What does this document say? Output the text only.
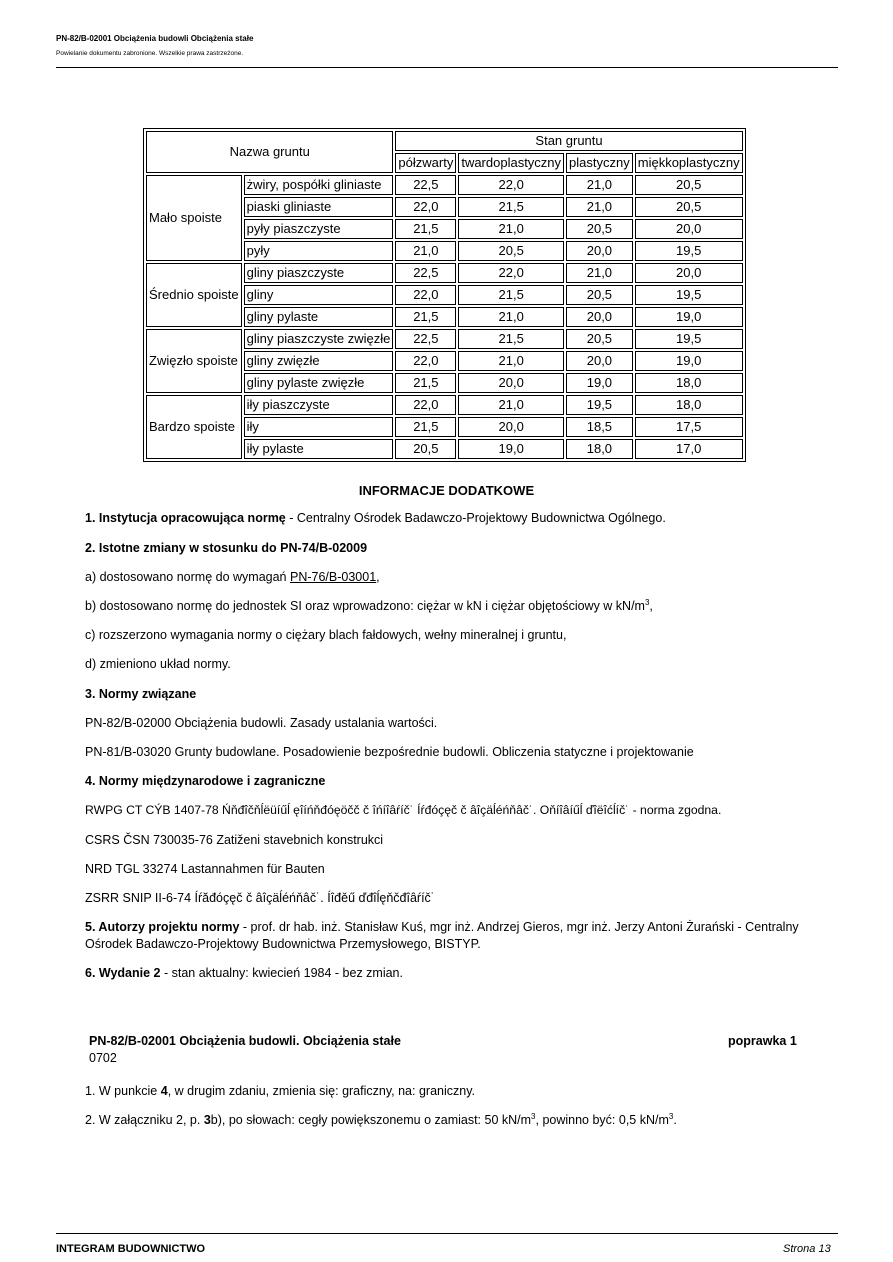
PN-82/B-02001 Obciążenia budowli Obciążenia stałe
Powielanie dokumentu zabronione. Wszelkie prawa zastrzeżone.
Nazwa gruntu		Stan gruntu			
		półzwarty	twardoplastyczny	plastyczny	miękkoplastyczny
Mało spoiste	żwiry, pospółki gliniaste	22,5	22,0	21,0	20,5
	piaski gliniaste	22,0	21,5	21,0	20,5
	pyły piaszczyste	21,5	21,0	20,5	20,0
	pyły	21,0	20,5	20,0	19,5
Średnio spoiste	gliny piaszczyste	22,5	22,0	21,0	20,0
	gliny	22,0	21,5	20,5	19,5
	gliny pylaste	21,5	21,0	20,0	19,0
Zwięzło spoiste	gliny piaszczyste zwięzłe	22,5	21,5	20,5	19,5
	gliny zwięzłe	22,0	21,0	20,0	19,0
	gliny pylaste zwięzłe	21,5	20,0	19,0	18,0
Bardzo spoiste	iły piaszczyste	22,0	21,0	19,5	18,0
	iły	21,5	20,0	18,5	17,5
	iły pylaste	20,5	19,0	18,0	17,0
INFORMACJE DODATKOWE
1. Instytucja opracowująca normę - Centralny Ośrodek Badawczo-Projektowy Budownictwa Ogólnego.
2. Istotne zmiany w stosunku do PN-74/B-02009
a) dostosowano normę do wymagań PN-76/B-03001,
b) dostosowano normę do jednostek SI oraz wprowadzono: ciężar w kN i ciężar objętościowy w $kN/m^3$,
c) rozszerzono wymagania normy o ciężary blach fałdowych, wełny mineralnej i gruntu,
d) zmieniono układ normy.
3. Normy związane
PN-82/B-02000 Obciążenia budowli. Zasady ustalania wartości.
PN-81/B-03020 Grunty budowlane. Posadowienie bezpośrednie budowli. Obliczenia statyczne i projektowanie
4. Normy międzynarodowe i zagraniczne
RWPG CT CÝB 1407-78 Ńňđîčňĺëüíűĺ ęîíńňđóęöčč č îńíîâŕíč˙ Íŕđóçęč č âîçäĺéńňâč˙. Oňíîâíűĺ ďîëîćĺíč˙ - norma zgodna.
CSRS ČSN 730035-76 Zatiženi stavebnich konstrukci
NRD TGL 33274 Lastannahmen für Bauten
ZSRR SNIP II-6-74 Íŕăđóçęč č âîçäĺéńňâč˙. Íîđěű ďđîĺęňčđîâŕíč˙
5. Autorzy projektu normy - prof. dr hab. inż. Stanisław Kuś, mgr inż. Andrzej Gieros, mgr inż. Jerzy Antoni Żurański - Centralny Ośrodek Badawczo-Projektowy Budownictwa Przemysłowego, BISTYP.
6. Wydanie 2 - stan aktualny: kwiecień 1984 - bez zmian.
PN-82/B-02001 Obciążenia budowli. Obciążenia stałe	poprawka 1
0702
1. W punkcie 4, w drugim zdaniu, zmienia się: graficzny, na: graniczny.
2. W załączniku 2, p. 3b), po słowach: cegły powiększonemu o zamiast: 50 $kN/m^3$, powinno być: 0,5 $kN/m^3$.
INTEGRAM BUDOWNICTWO	Strona 13
